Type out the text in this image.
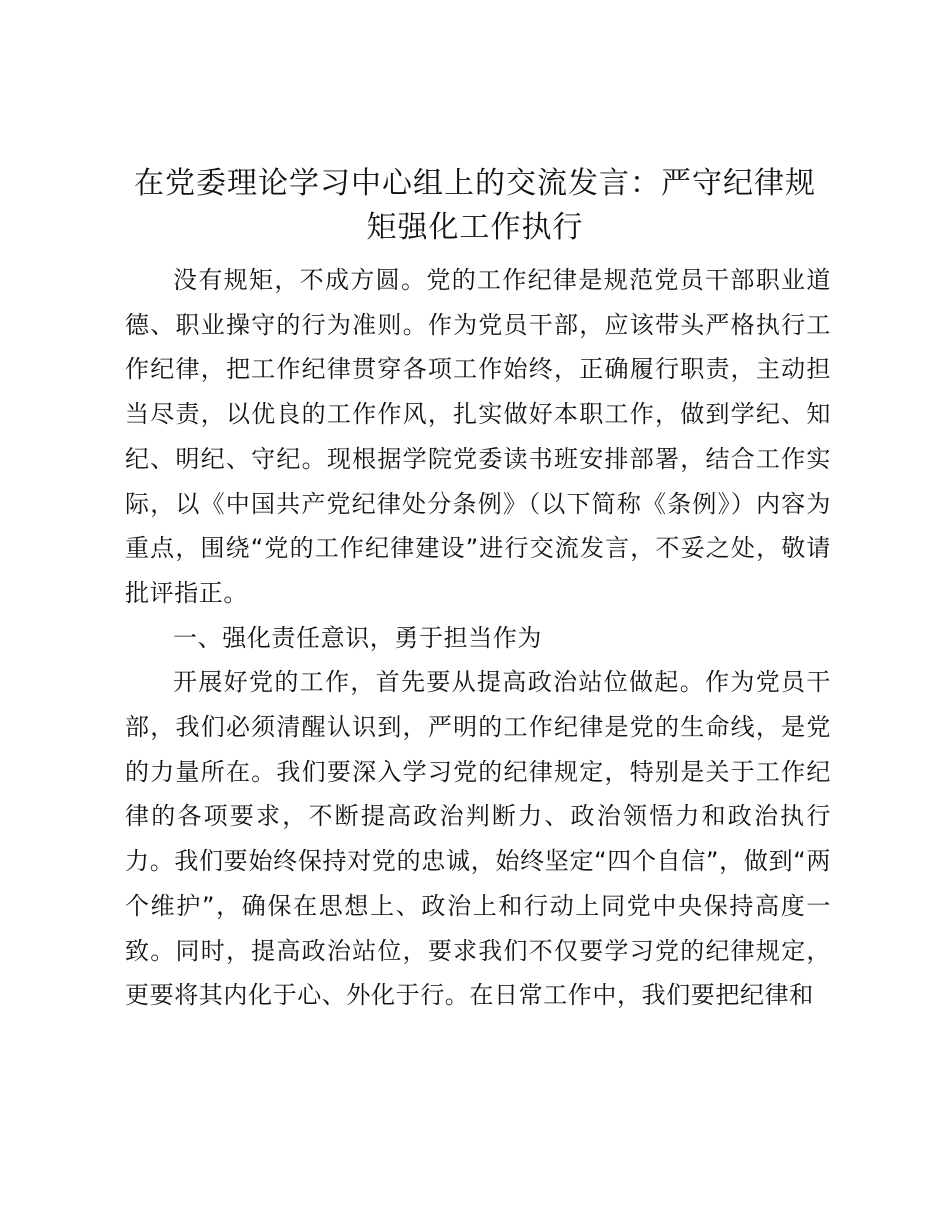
在党委理论学习中心组上的交流发言：严守纪律规矩强化工作执行

没有规矩，不成方圆。党的工作纪律是规范党员干部职业道德、职业操守的行为准则。作为党员干部，应该带头严格执行工作纪律，把工作纪律贯穿各项工作始终，正确履行职责，主动担当尽责，以优良的工作作风，扎实做好本职工作，做到学纪、知纪、明纪、守纪。现根据学院党委读书班安排部署，结合工作实际，以《中国共产党纪律处分条例》（以下简称《条例》）内容为重点，围绕“党的工作纪律建设”进行交流发言，不妥之处，敬请批评指正。

一、强化责任意识，勇于担当作为

开展好党的工作，首先要从提高政治站位做起。作为党员干部，我们必须清醒认识到，严明的工作纪律是党的生命线，是党的力量所在。我们要深入学习党的纪律规定，特别是关于工作纪律的各项要求，不断提高政治判断力、政治领悟力和政治执行力。我们要始终保持对党的忠诚，始终坚定“四个自信”，做到“两个维护”，确保在思想上、政治上和行动上同党中央保持高度一致。同时，提高政治站位，要求我们不仅要学习党的纪律规定，更要将其内化于心、外化于行。在日常工作中，我们要把纪律和
